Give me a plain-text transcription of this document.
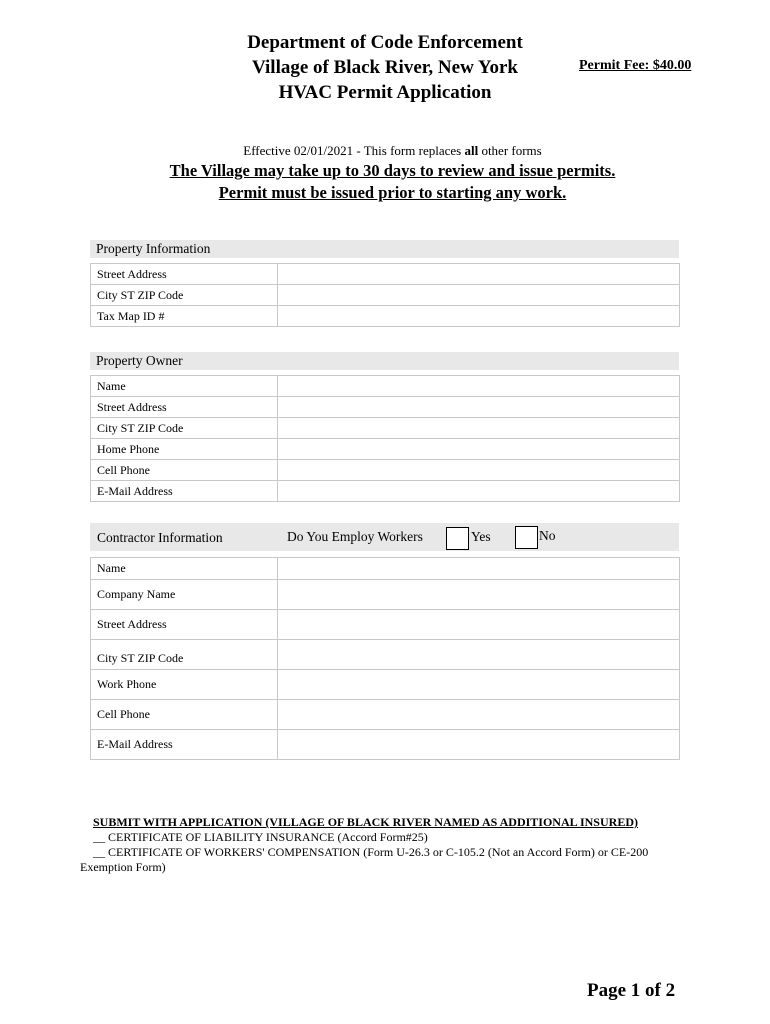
Department of Code Enforcement
Village of Black River, New York
HVAC Permit Application
Permit Fee: $40.00
Effective 02/01/2021 - This form replaces all other forms
The Village may take up to 30 days to review and issue permits.
Permit must be issued prior to starting any work.
Property Information
Street Address	
City ST ZIP Code	
Tax Map ID #	
Property Owner
Name	
Street Address	
City ST ZIP Code	
Home Phone	
Cell Phone	
E-Mail Address	
Contractor Information	Do You Employ Workers	Yes	No
Name	
Company Name	
Street Address	
City ST ZIP Code	
Work Phone	
Cell Phone	
E-Mail Address	
SUBMIT WITH APPLICATION (VILLAGE OF BLACK RIVER NAMED AS ADDITIONAL INSURED)
__ CERTIFICATE OF LIABILITY INSURANCE (Accord Form#25)
__ CERTIFICATE OF WORKERS' COMPENSATION (Form U-26.3 or C-105.2 (Not an Accord Form) or CE-200 Exemption Form)
Page 1 of 2
